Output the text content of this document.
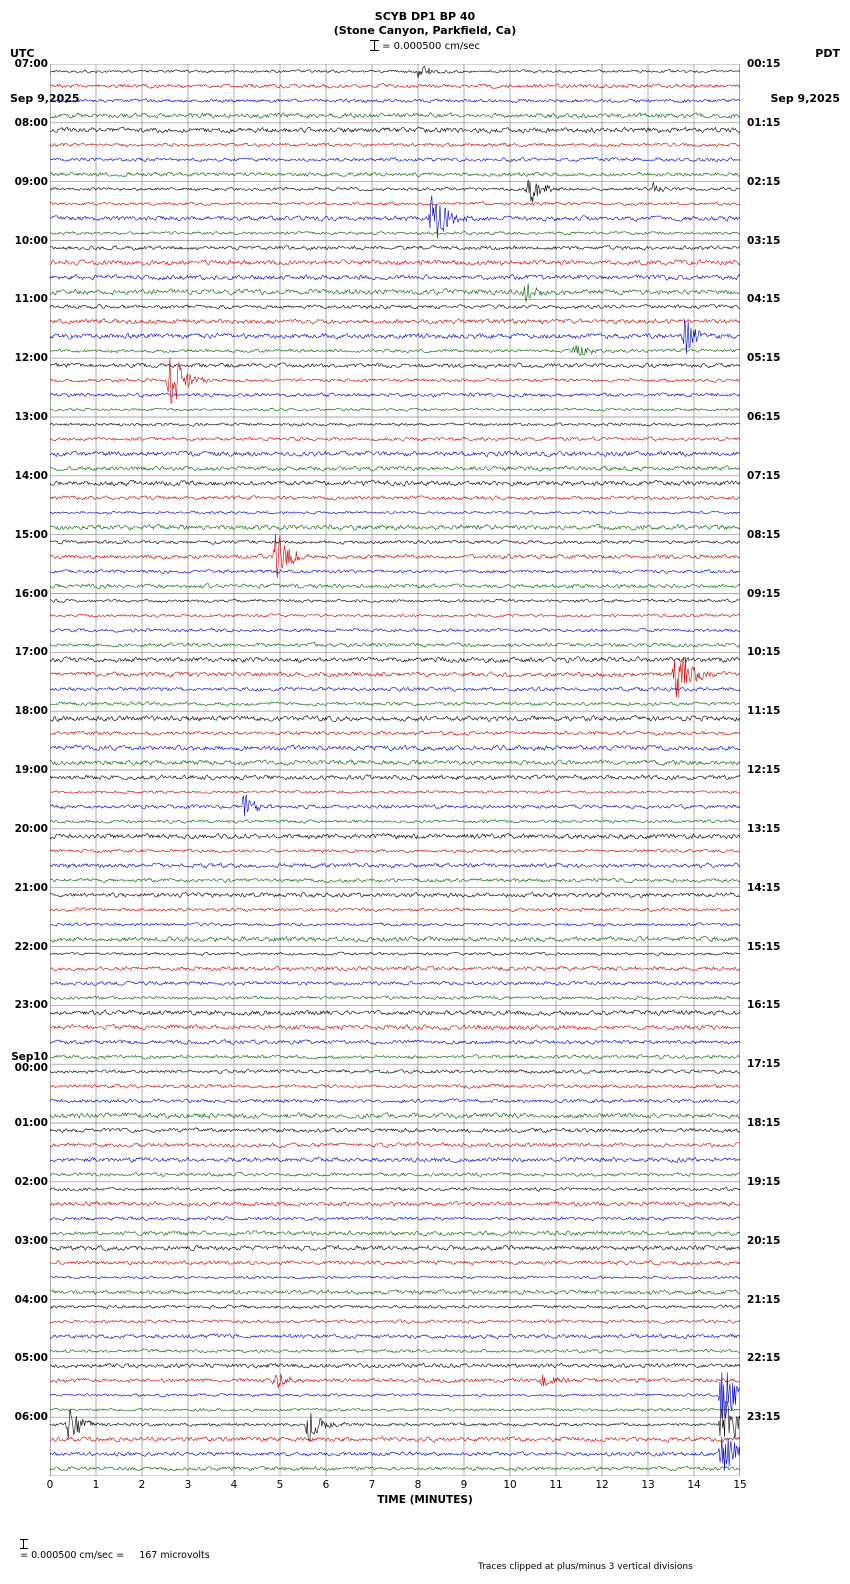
UTC

Sep 9,2025

PDT

Sep 9,2025

SCYB DP1 BP 40
(Stone Canyon, Parkfield, Ca)
= 0.000500 cm/sec
07:00
08:00
09:00
10:00
11:00
12:00
13:00
14:00
15:00
16:00
17:00
18:00
19:00
20:00
21:00
22:00
23:00
Sep10
00:00
01:00
02:00
03:00
04:00
05:00
06:00
00:15
01:15
02:15
03:15
04:15
05:15
06:15
07:15
08:15
09:15
10:15
11:15
12:15
13:15
14:15
15:15
16:15
17:15
18:15
19:15
20:15
21:15
22:15
23:15
0	1	2	3	4	5	6	7	8	9	10	11	12	13	14	15
TIME (MINUTES)

= 0.000500 cm/sec =     167 microvolts

Traces clipped at plus/minus 3 vertical divisions
